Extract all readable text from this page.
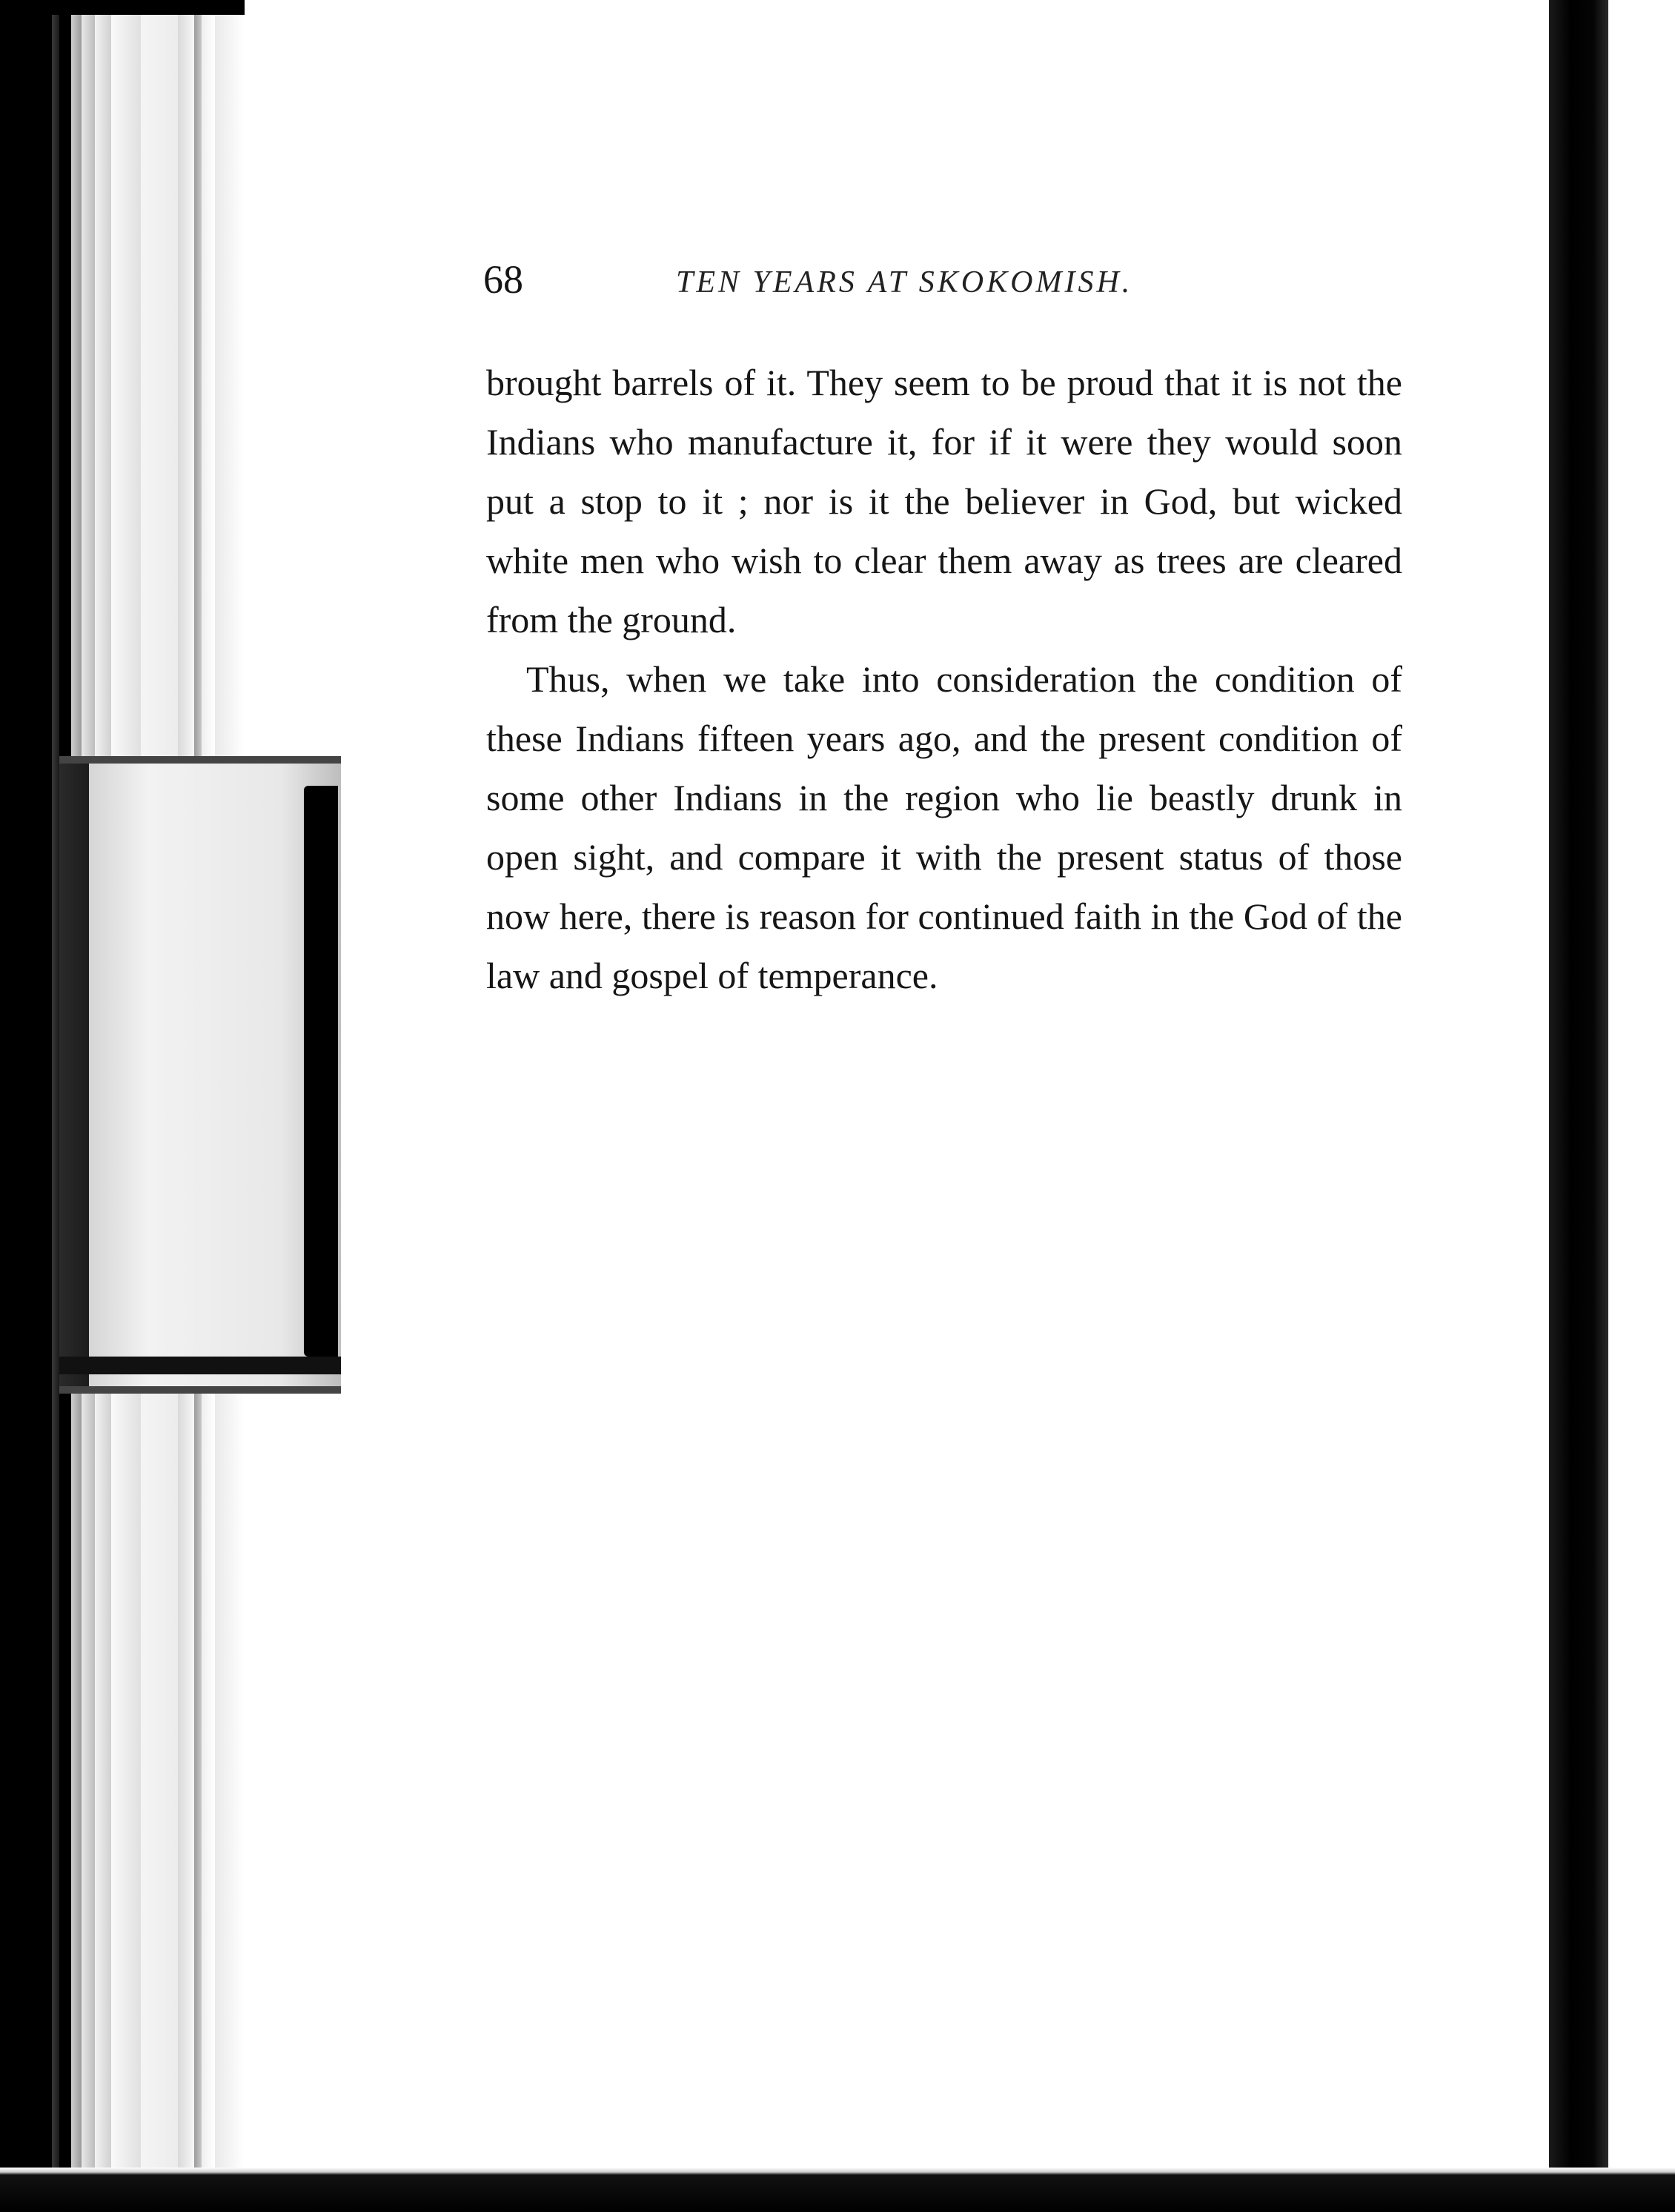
68	TEN YEARS AT SKOKOMISH.

brought barrels of it. They seem to be proud that it is not the Indians who manufacture it, for if it were they would soon put a stop to it ; nor is it the believer in God, but wicked white men who wish to clear them away as trees are cleared from the ground.

Thus, when we take into consideration the condition of these Indians fifteen years ago, and the present condition of some other Indians in the region who lie beastly drunk in open sight, and compare it with the present status of those now here, there is reason for continued faith in the God of the law and gospel of temperance.
